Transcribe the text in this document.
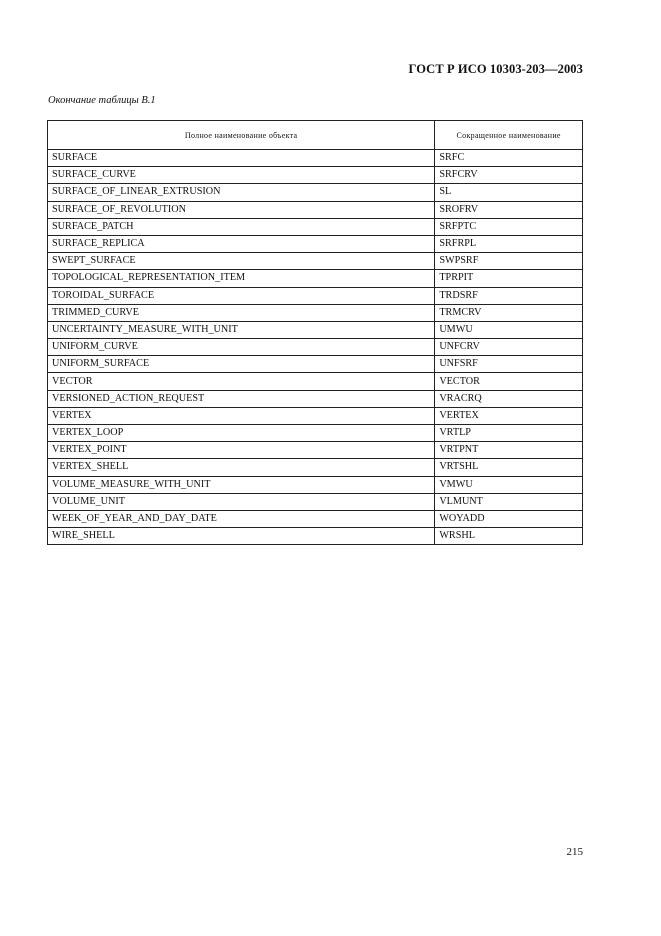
ГОСТ Р ИСО 10303-203—2003
Окончание таблицы В.1
Полное наименование объекта	Сокращенное наименование
SURFACE	SRFC
SURFACE_CURVE	SRFCRV
SURFACE_OF_LINEAR_EXTRUSION	SL
SURFACE_OF_REVOLUTION	SROFRV
SURFACE_PATCH	SRFPTC
SURFACE_REPLICA	SRFRPL
SWEPT_SURFACE	SWPSRF
TOPOLOGICAL_REPRESENTATION_ITEM	TPRPIT
TOROIDAL_SURFACE	TRDSRF
TRIMMED_CURVE	TRMCRV
UNCERTAINTY_MEASURE_WITH_UNIT	UMWU
UNIFORM_CURVE	UNFCRV
UNIFORM_SURFACE	UNFSRF
VECTOR	VECTOR
VERSIONED_ACTION_REQUEST	VRACRQ
VERTEX	VERTEX
VERTEX_LOOP	VRTLP
VERTEX_POINT	VRTPNT
VERTEX_SHELL	VRTSHL
VOLUME_MEASURE_WITH_UNIT	VMWU
VOLUME_UNIT	VLMUNT
WEEK_OF_YEAR_AND_DAY_DATE	WOYADD
WIRE_SHELL	WRSHL
215
